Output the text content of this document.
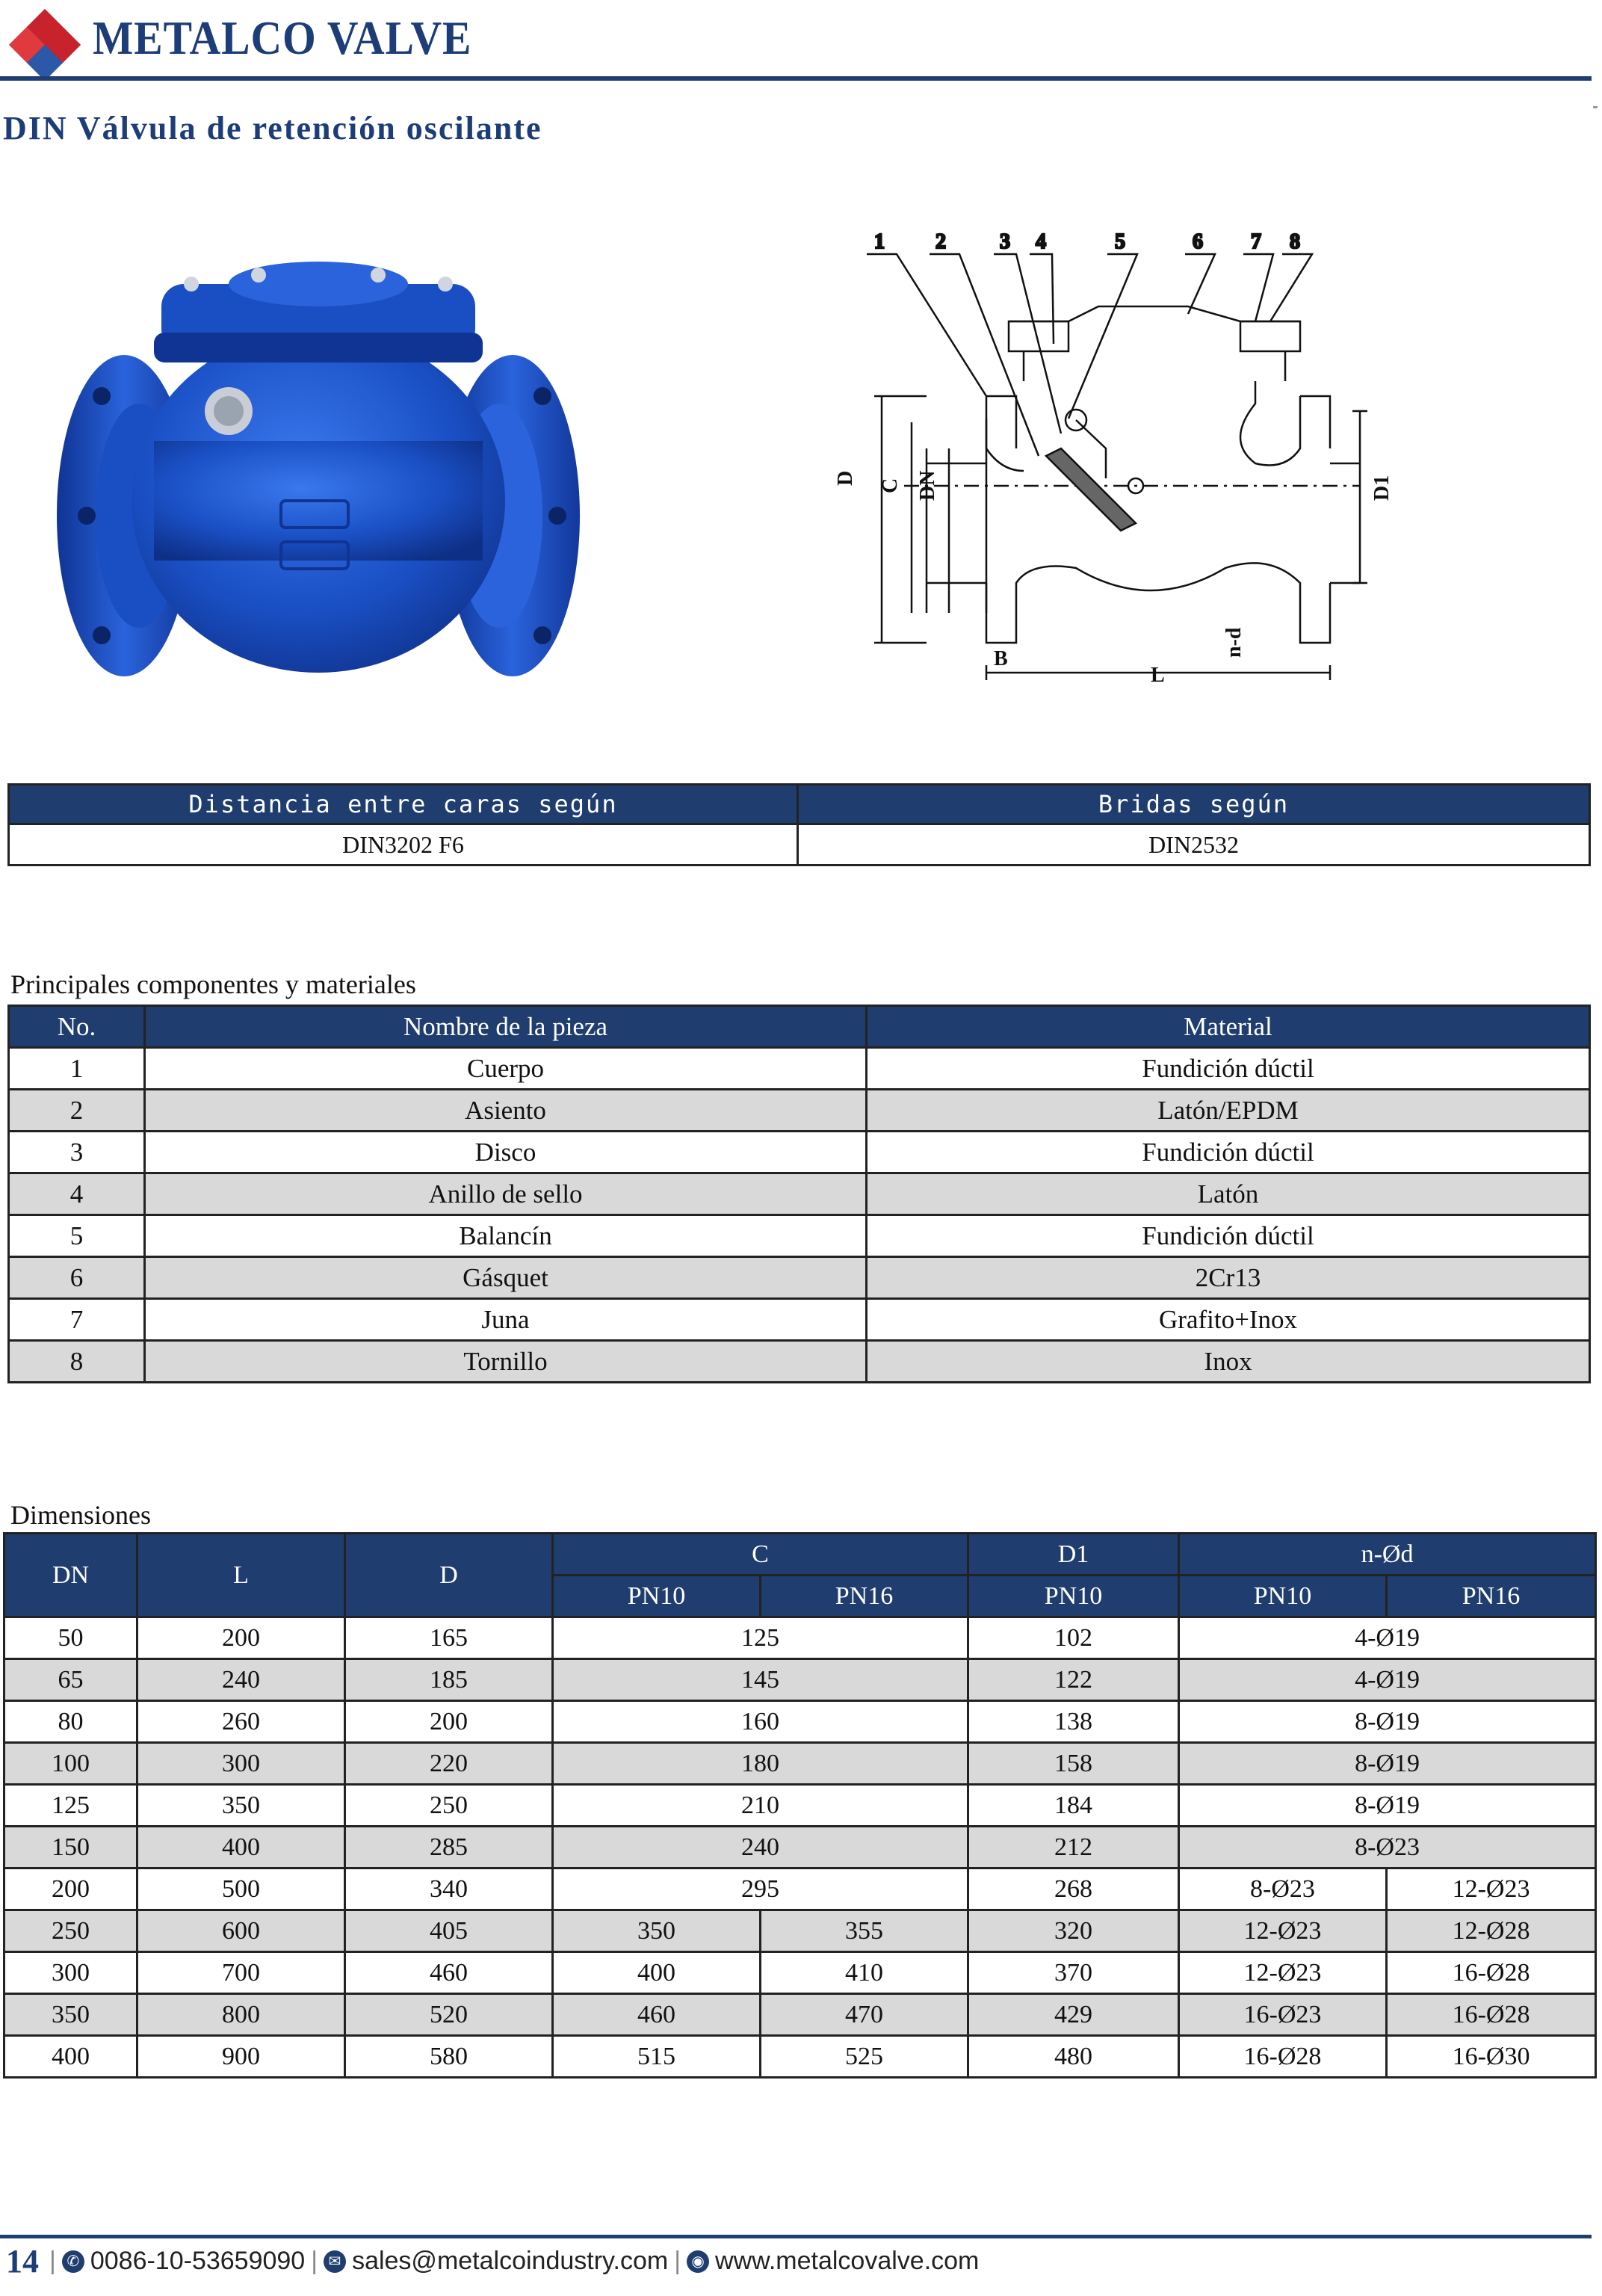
METALCO VALVE
DIN Válvula de retención oscilante
1 2	3 4	5	6 7 8
D C DN	D1
B
L
n-d
Distancia entre caras según	Bridas según
DIN3202 F6	DIN2532
Principales componentes y materiales
No.	Nombre de la pieza	Material
1	Cuerpo	Fundición dúctil
2	Asiento	Latón/EPDM
3	Disco	Fundición dúctil
4	Anillo de sello	Latón
5	Balancín	Fundición dúctil
6	Gásquet	2Cr13
7	Juna	Grafito+Inox
8	Tornillo	Inox
Dimensiones
DN	L	D	C		D1	n-Ød	
			PN10	PN16	PN10	PN10	PN16
50	200	165	125		102	4-Ø19	
65	240	185	145		122	4-Ø19	
80	260	200	160		138	8-Ø19	
100	300	220	180		158	8-Ø19	
125	350	250	210		184	8-Ø19	
150	400	285	240		212	8-Ø23	
200	500	340	295		268	8-Ø23	12-Ø23
250	600	405	350	355	320	12-Ø23	12-Ø28
300	700	460	400	410	370	12-Ø23	16-Ø28
350	800	520	460	470	429	16-Ø23	16-Ø28
400	900	580	515	525	480	16-Ø28	16-Ø30
14 | ✆ 0086-10-53659090 | ✉ sales@metalcoindustry.com | ◉ www.metalcovalve.com
